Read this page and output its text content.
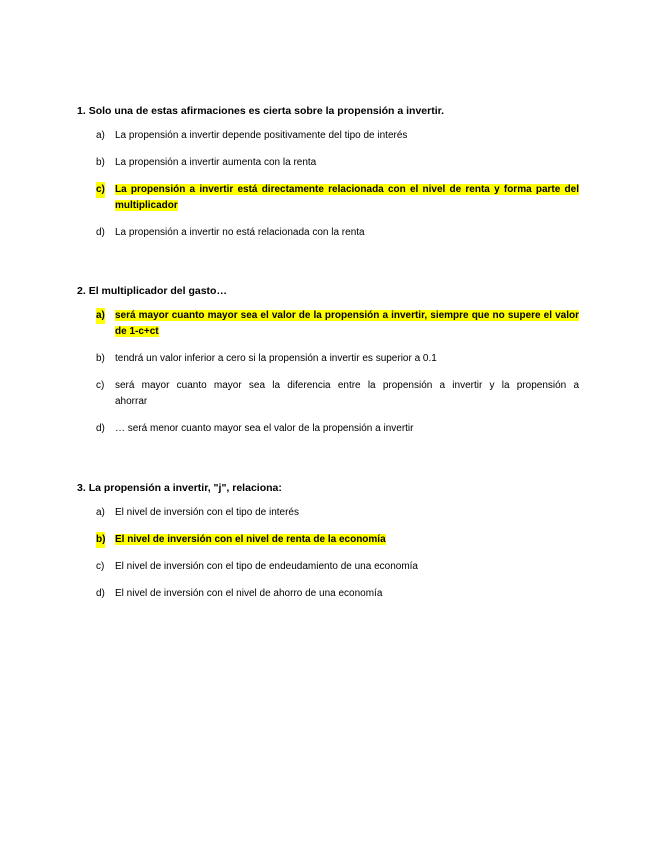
1. Solo una de estas afirmaciones es cierta sobre la propensión a invertir.

a) La propensión a invertir depende positivamente del tipo de interés
b) La propensión a invertir aumenta con la renta
c) La propensión a invertir está directamente relacionada con el nivel de renta y forma parte del multiplicador
d) La propensión a invertir no está relacionada con la renta

2. El multiplicador del gasto…

a) será mayor cuanto mayor sea el valor de la propensión a invertir, siempre que no supere el valor de 1-c+ct
b) tendrá un valor inferior a cero si la propensión a invertir es superior a 0.1
c) será mayor cuanto mayor sea la diferencia entre la propensión a invertir y la propensión a ahorrar
d) … será menor cuanto mayor sea el valor de la propensión a invertir

3. La propensión a invertir, "j", relaciona:

a) El nivel de inversión con el tipo de interés
b) El nivel de inversión con el nivel de renta de la economía
c) El nivel de inversión con el tipo de endeudamiento de una economía
d) El nivel de inversión con el nivel de ahorro de una economía
